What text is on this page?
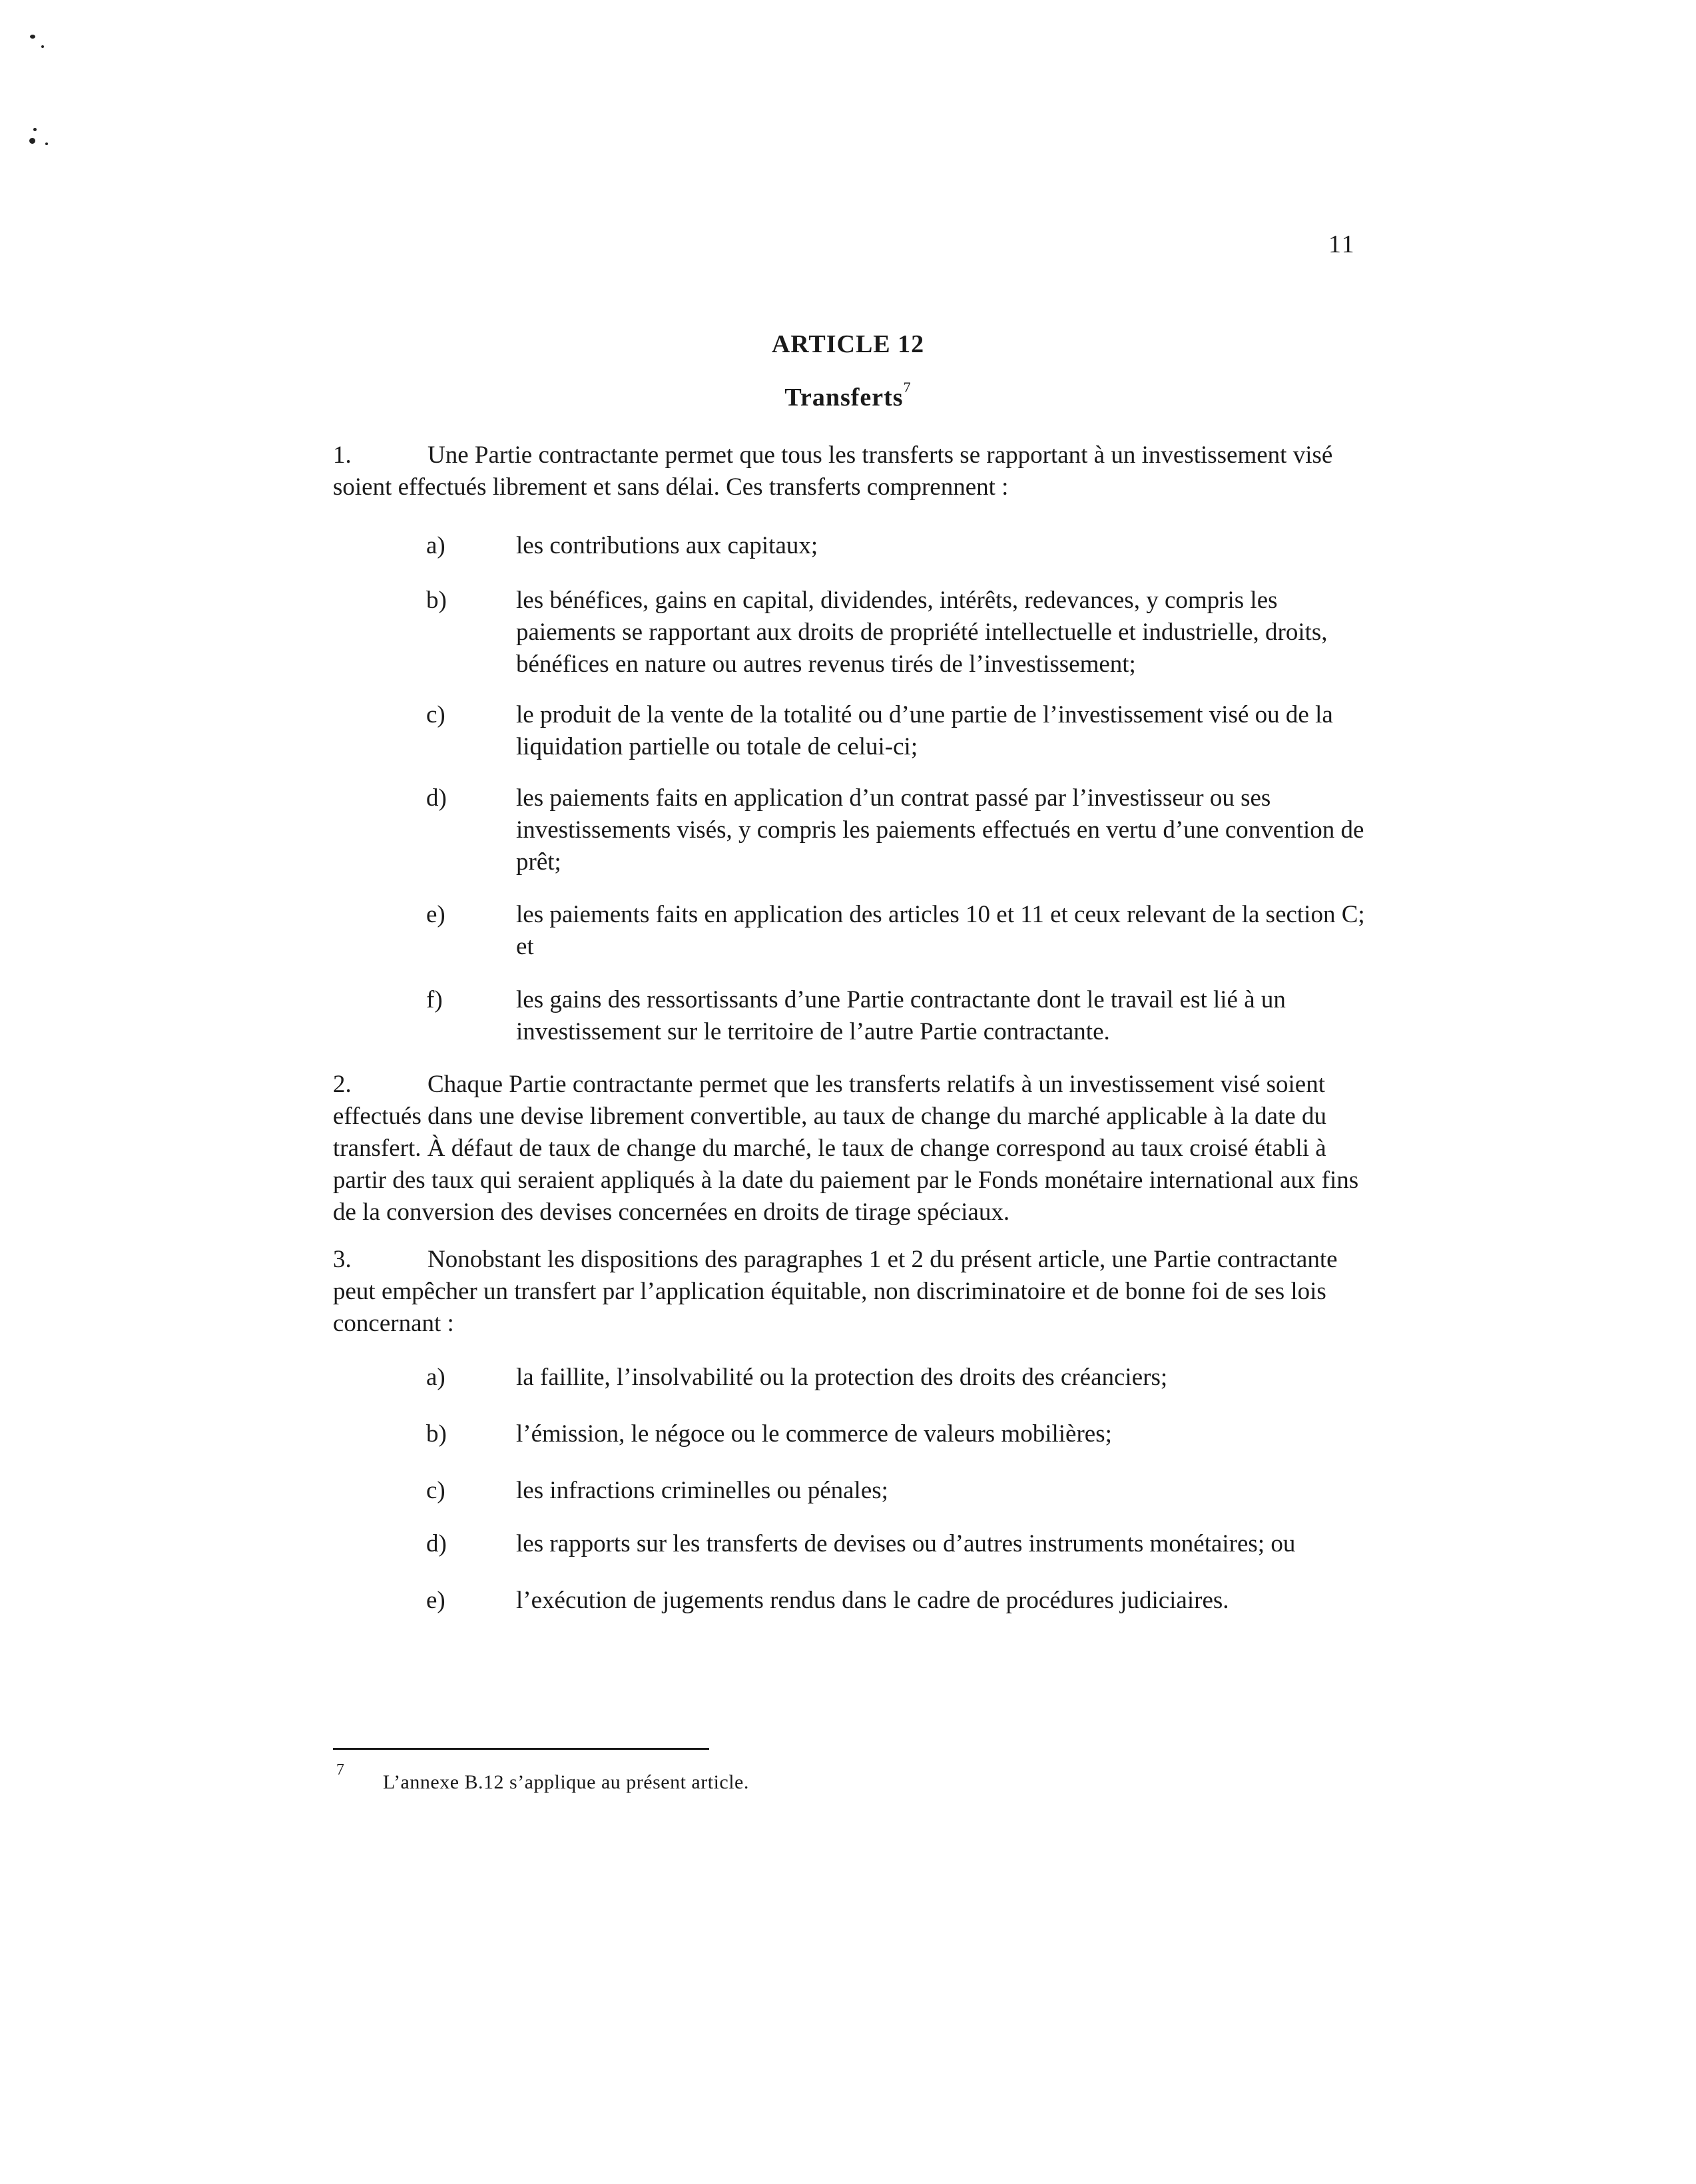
11
ARTICLE 12
Transferts$^7$

1.	Une Partie contractante permet que tous les transferts se rapportant à un investissement visé soient effectués librement et sans délai. Ces transferts comprennent :

a)	les contributions aux capitaux;
b)	les bénéfices, gains en capital, dividendes, intérêts, redevances, y compris les paiements se rapportant aux droits de propriété intellectuelle et industrielle, droits, bénéfices en nature ou autres revenus tirés de l’investissement;
c)	le produit de la vente de la totalité ou d’une partie de l’investissement visé ou de la liquidation partielle ou totale de celui-ci;
d)	les paiements faits en application d’un contrat passé par l’investisseur ou ses investissements visés, y compris les paiements effectués en vertu d’une convention de prêt;
e)	les paiements faits en application des articles 10 et 11 et ceux relevant de la section C; et
f)	les gains des ressortissants d’une Partie contractante dont le travail est lié à un investissement sur le territoire de l’autre Partie contractante.

2.	Chaque Partie contractante permet que les transferts relatifs à un investissement visé soient effectués dans une devise librement convertible, au taux de change du marché applicable à la date du transfert. À défaut de taux de change du marché, le taux de change correspond au taux croisé établi à partir des taux qui seraient appliqués à la date du paiement par le Fonds monétaire international aux fins de la conversion des devises concernées en droits de tirage spéciaux.

3.	Nonobstant les dispositions des paragraphes 1 et 2 du présent article, une Partie contractante peut empêcher un transfert par l’application équitable, non discriminatoire et de bonne foi de ses lois concernant :

a)	la faillite, l’insolvabilité ou la protection des droits des créanciers;
b)	l’émission, le négoce ou le commerce de valeurs mobilières;
c)	les infractions criminelles ou pénales;
d)	les rapports sur les transferts de devises ou d’autres instruments monétaires; ou
e)	l’exécution de jugements rendus dans le cadre de procédures judiciaires.
7
L’annexe B.12 s’applique au présent article.
